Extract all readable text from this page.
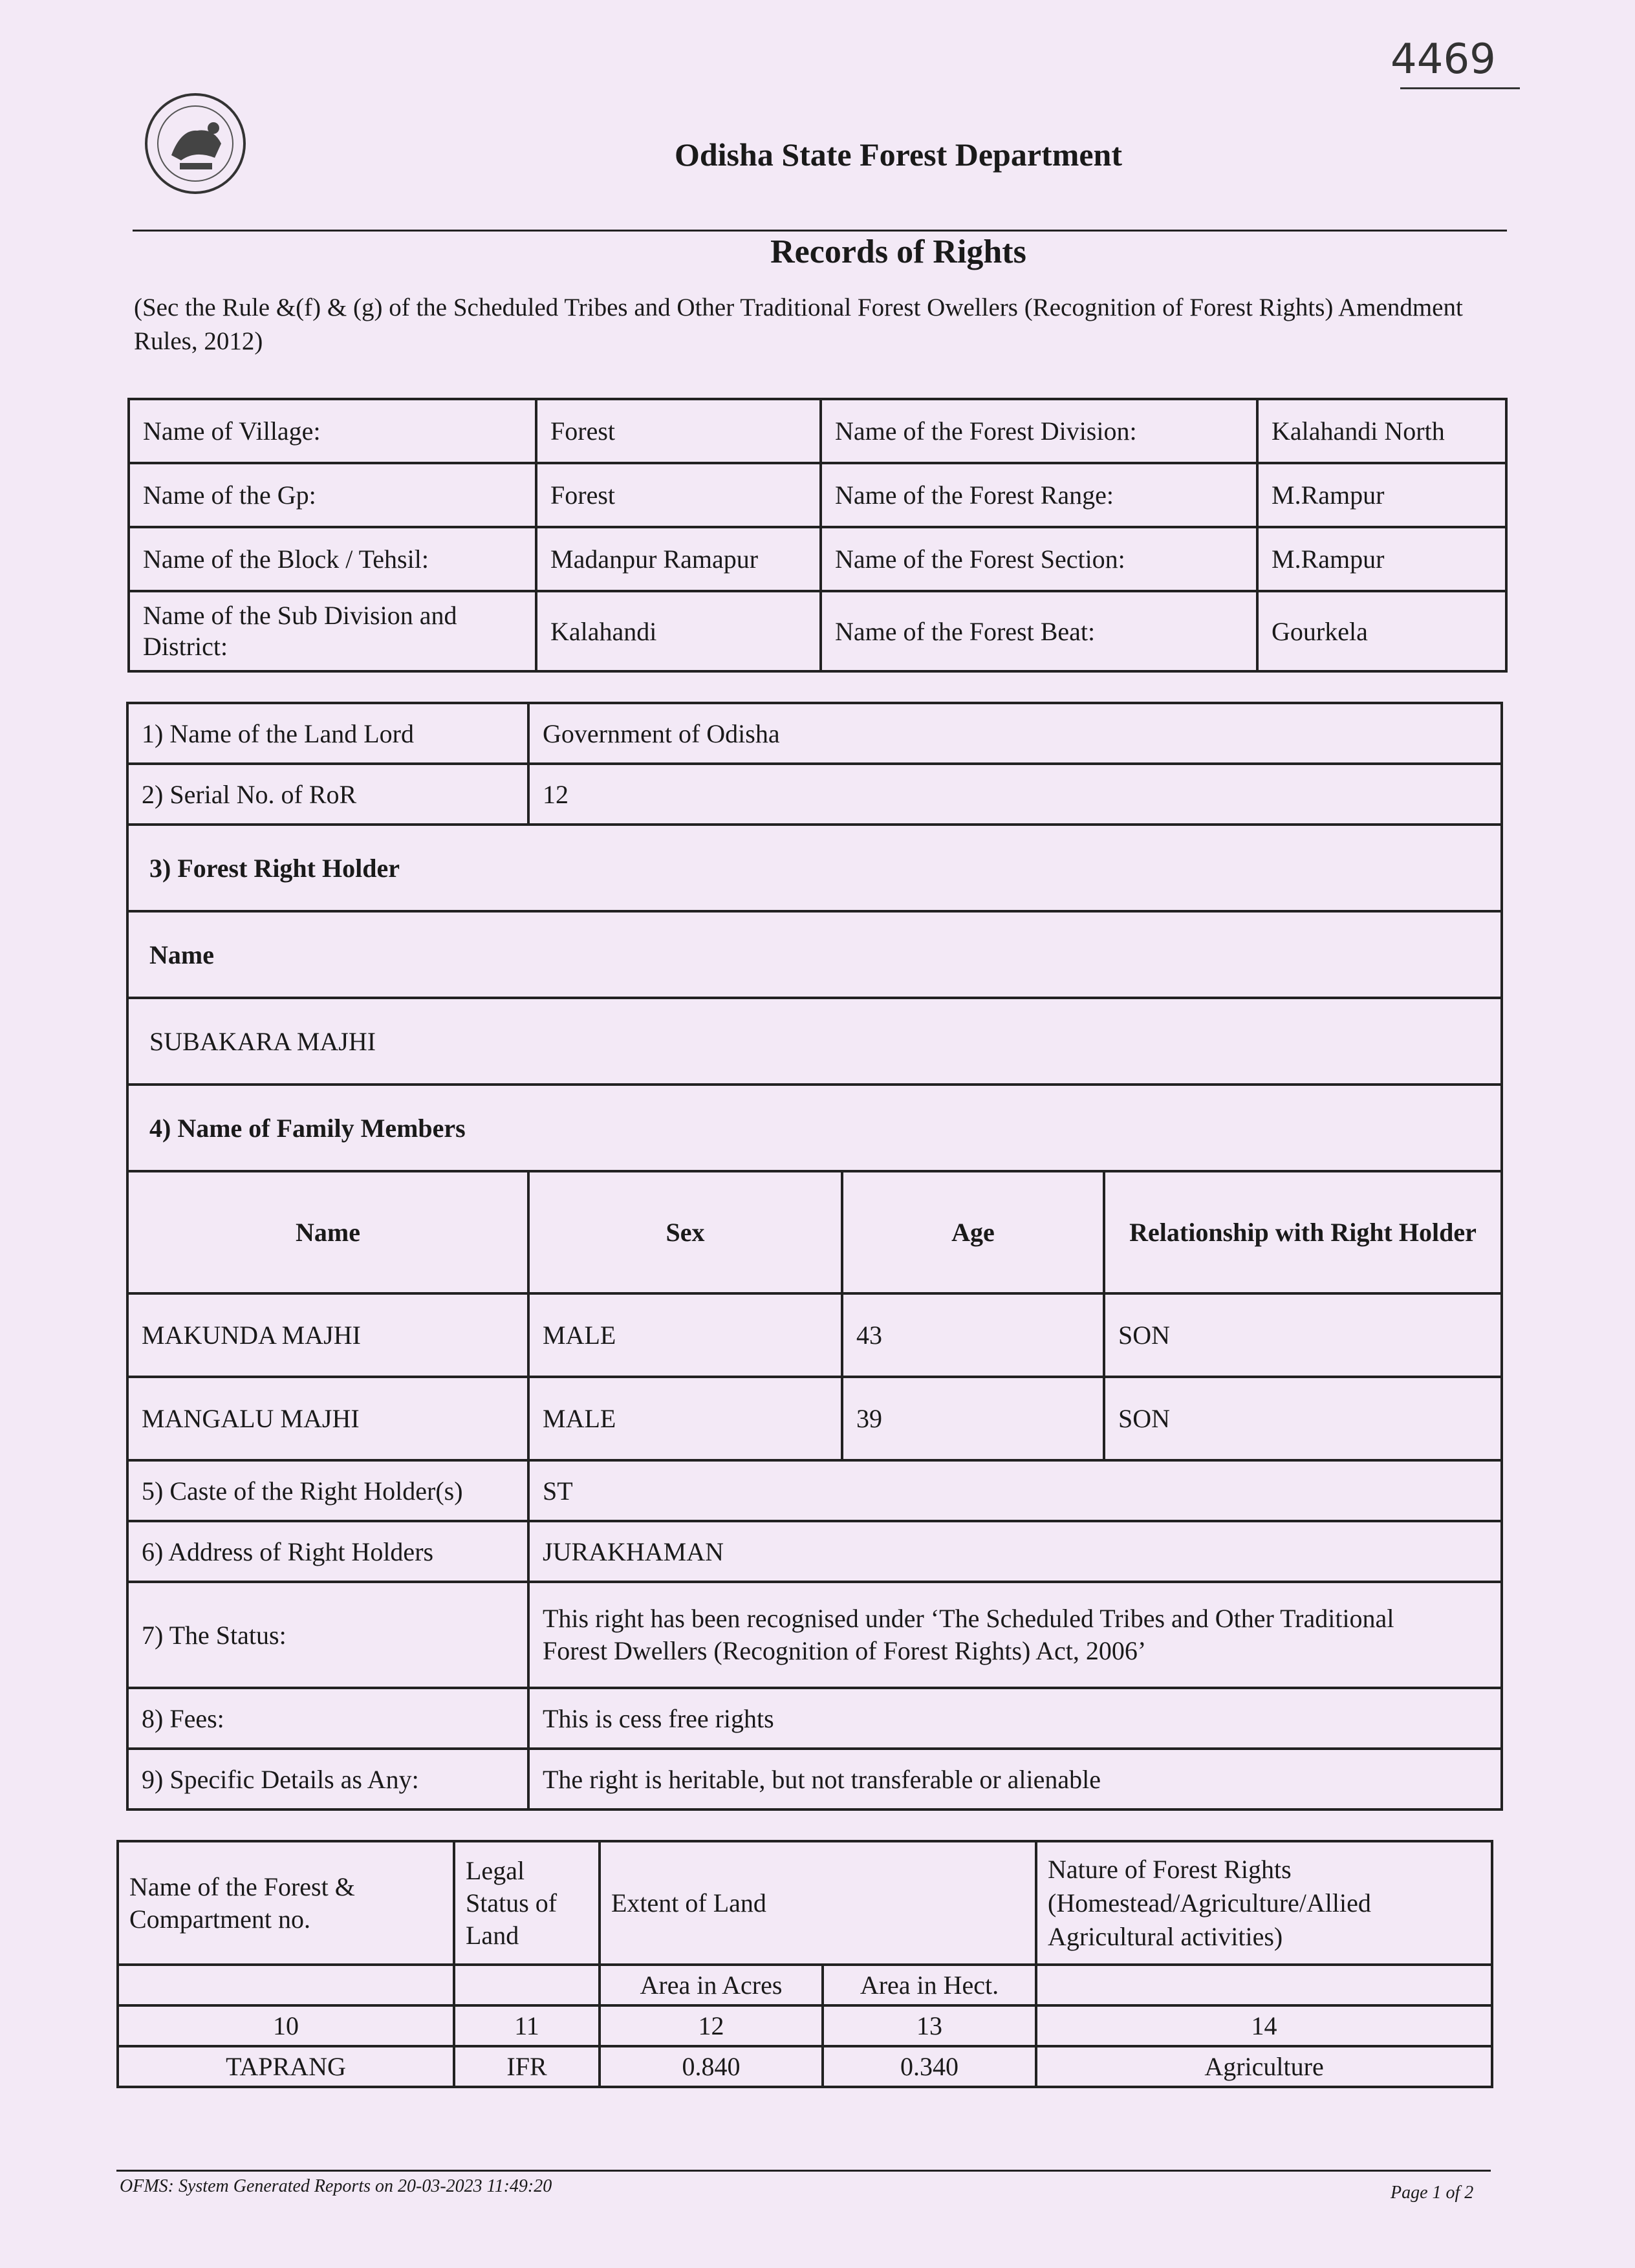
4469
Odisha State Forest Department
Records of Rights
(Sec the Rule &(f) & (g) of the Scheduled Tribes and Other Traditional Forest Owellers (Recognition of Forest Rights) Amendment Rules, 2012)
Name of Village:	Forest	Name of the Forest Division:	Kalahandi North
Name of the Gp:	Forest	Name of the Forest Range:	M.Rampur
Name of the Block / Tehsil:	Madanpur Ramapur	Name of the Forest Section:	M.Rampur
Name of the Sub Division and District:	Kalahandi	Name of the Forest Beat:	Gourkela
1) Name of the Land Lord	Government of Odisha		
2) Serial No. of RoR	12		
3) Forest Right Holder			
Name			
SUBAKARA MAJHI			
4) Name of Family Members			
Name	Sex	Age	Relationship with Right Holder
MAKUNDA MAJHI	MALE	43	SON
MANGALU MAJHI	MALE	39	SON
5) Caste of the Right Holder(s)	ST		
6) Address of Right Holders	JURAKHAMAN		
7) The Status:	This right has been recognised under ‘The Scheduled Tribes and Other Traditional
Forest Dwellers (Recognition of Forest Rights) Act, 2006’		

8) Fees:	This is cess free rights		
9) Specific Details as Any:	The right is heritable, but not transferable or alienable		
Name of the Forest & Compartment no.	Legal Status of Land	Extent of Land		Nature of Forest Rights (Homestead/Agriculture/Allied Agricultural activities)
		Area in Acres	Area in Hect.	
10	11	12	13	14
TAPRANG	IFR	0.840	0.340	Agriculture
OFMS: System Generated Reports on 20-03-2023 11:49:20	Page 1 of 2
